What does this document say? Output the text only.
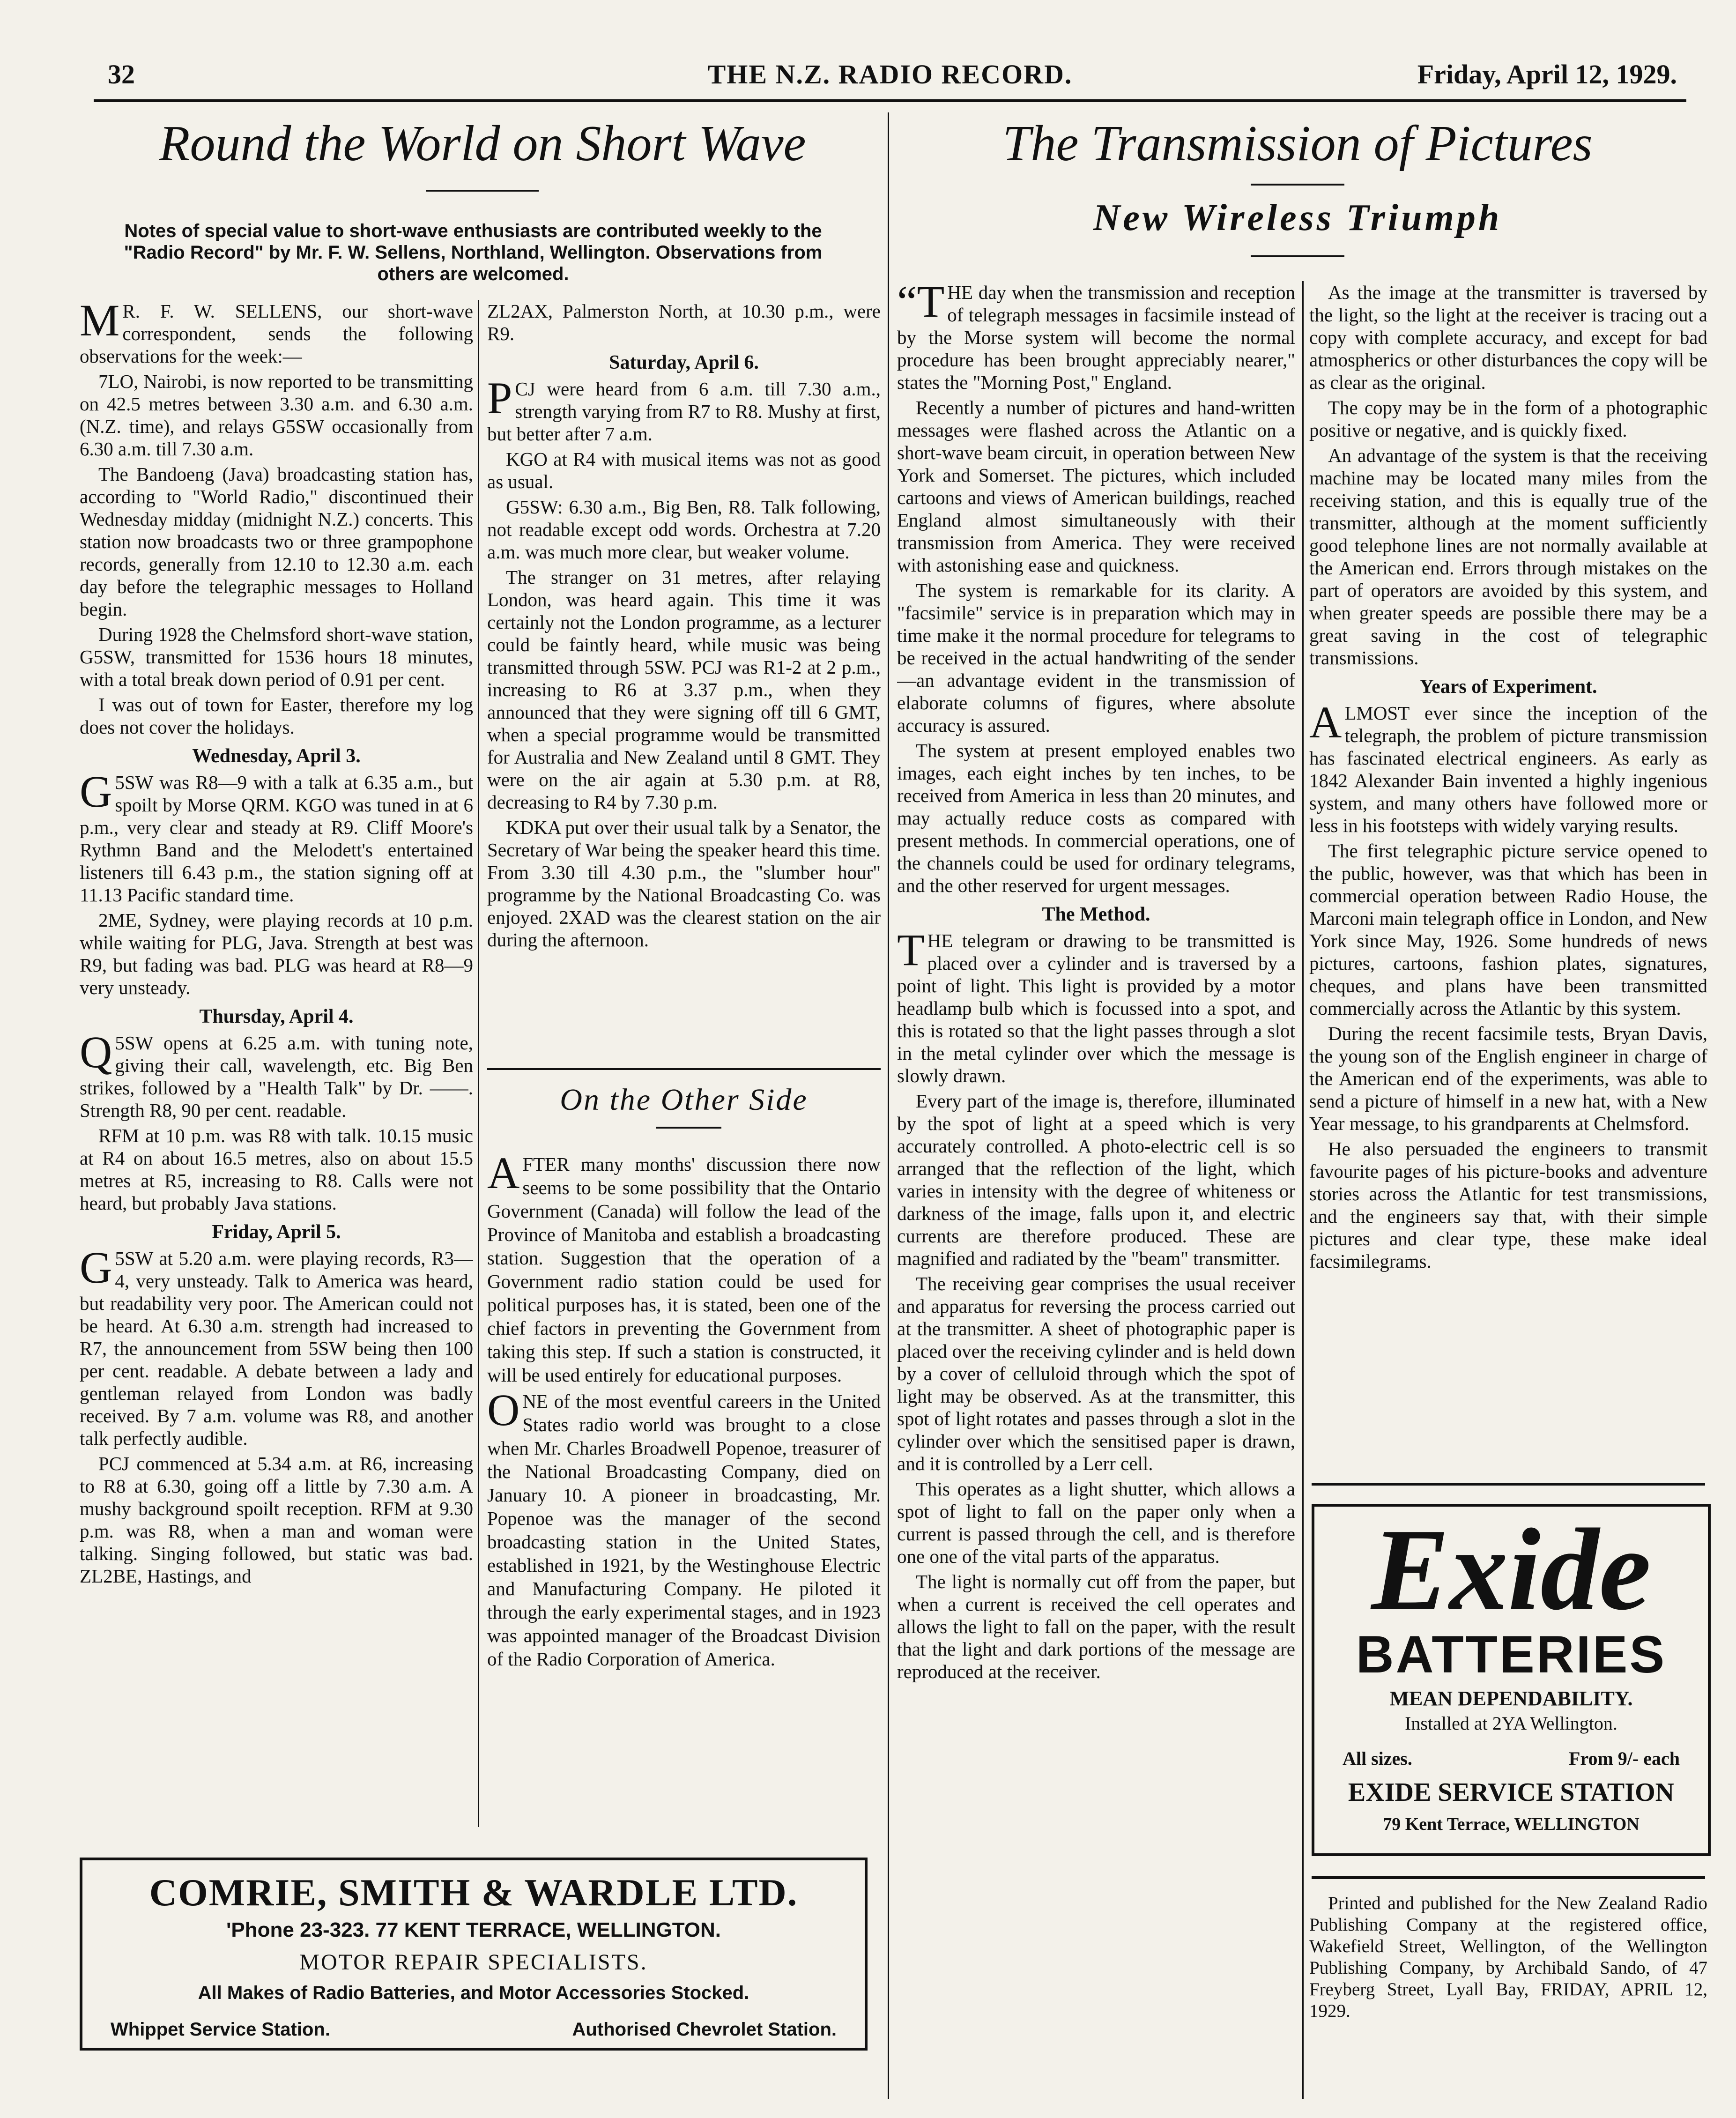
32	THE N.Z. RADIO RECORD.	Friday, April 12, 1929.
Round the World on Short Wave
Notes of special value to short-wave enthusiasts are contributed weekly to the "Radio Record" by Mr. F. W. Sellens, Northland, Wellington. Observations from others are welcomed.

M R. F. W. SELLENS, our short-wave correspondent, sends the following observations for the week:—

7LO, Nairobi, is now reported to be transmitting on 42.5 metres between 3.30 a.m. and 6.30 a.m. (N.Z. time), and relays G5SW occasionally from 6.30 a.m. till 7.30 a.m.

The Bandoeng (Java) broadcasting station has, according to "World Radio," discontinued their Wednesday midday (midnight N.Z.) concerts. This station now broadcasts two or three grampophone records, generally from 12.10 to 12.30 a.m. each day before the telegraphic messages to Holland begin.

During 1928 the Chelmsford short-wave station, G5SW, transmitted for 1536 hours 18 minutes, with a total break down period of 0.91 per cent.

I was out of town for Easter, therefore my log does not cover the holidays.

Wednesday, April 3.

G 5SW was R8—9 with a talk at 6.35 a.m., but spoilt by Morse QRM. KGO was tuned in at 6 p.m., very clear and steady at R9. Cliff Moore's Rythmn Band and the Melodett's entertained listeners till 6.43 p.m., the station signing off at 11.13 Pacific standard time.

2ME, Sydney, were playing records at 10 p.m. while waiting for PLG, Java. Strength at best was R9, but fading was bad. PLG was heard at R8—9 very unsteady.

Thursday, April 4.

Q 5SW opens at 6.25 a.m. with tuning note, giving their call, wavelength, etc. Big Ben strikes, followed by a "Health Talk" by Dr. ——. Strength R8, 90 per cent. readable.

RFM at 10 p.m. was R8 with talk. 10.15 music at R4 on about 16.5 metres, also on about 15.5 metres at R5, increasing to R8. Calls were not heard, but probably Java stations.

Friday, April 5.

G 5SW at 5.20 a.m. were playing records, R3—4, very unsteady. Talk to America was heard, but readability very poor. The American could not be heard. At 6.30 a.m. strength had increased to R7, the announcement from 5SW being then 100 per cent. readable. A debate between a lady and gentleman relayed from London was badly received. By 7 a.m. volume was R8, and another talk perfectly audible.

PCJ commenced at 5.34 a.m. at R6, increasing to R8 at 6.30, going off a little by 7.30 a.m. A mushy background spoilt reception. RFM at 9.30 p.m. was R8, when a man and woman were talking. Singing followed, but static was bad. ZL2BE, Hastings, and

ZL2AX, Palmerston North, at 10.30 p.m., were R9.

Saturday, April 6.

PCJ were heard from 6 a.m. till 7.30 a.m., strength varying from R7 to R8. Mushy at first, but better after 7 a.m.

KGO at R4 with musical items was not as good as usual.

G5SW: 6.30 a.m., Big Ben, R8. Talk following, not readable except odd words. Orchestra at 7.20 a.m. was much more clear, but weaker volume.

The stranger on 31 metres, after relaying London, was heard again. This time it was certainly not the London programme, as a lecturer could be faintly heard, while music was being transmitted through 5SW. PCJ was R1-2 at 2 p.m., increasing to R6 at 3.37 p.m., when they announced that they were signing off till 6 GMT, when a special programme would be transmitted for Australia and New Zealand until 8 GMT. They were on the air again at 5.30 p.m. at R8, decreasing to R4 by 7.30 p.m.

KDKA put over their usual talk by a Senator, the Secretary of War being the speaker heard this time. From 3.30 till 4.30 p.m., the "slumber hour" programme by the National Broadcasting Co. was enjoyed. 2XAD was the clearest station on the air during the afternoon.

On the Other Side

AFTER many months' discussion there now seems to be some possibility that the Ontario Government (Canada) will follow the lead of the Province of Manitoba and establish a broadcasting station. Suggestion that the operation of a Government radio station could be used for political purposes has, it is stated, been one of the chief factors in preventing the Government from taking this step. If such a station is constructed, it will be used entirely for educational purposes.

ONE of the most eventful careers in the United States radio world was brought to a close when Mr. Charles Broadwell Popenoe, treasurer of the National Broadcasting Company, died on January 10. A pioneer in broadcasting, Mr. Popenoe was the manager of the second broadcasting station in the United States, established in 1921, by the Westinghouse Electric and Manufacturing Company. He piloted it through the early experimental stages, and in 1923 was appointed manager of the Broadcast Division of the Radio Corporation of America.

COMRIE, SMITH & WARDLE LTD.
'Phone 23-323. 77 KENT TERRACE, WELLINGTON.
MOTOR REPAIR SPECIALISTS.
All Makes of Radio Batteries, and Motor Accessories Stocked.
Whippet Service Station.	Authorised Chevrolet Station.
The Transmission of Pictures
New Wireless Triumph

“THE day when the transmission and reception of telegraph messages in facsimile instead of by the Morse system will become the normal procedure has been brought appreciably nearer," states the "Morning Post," England.

Recently a number of pictures and hand-written messages were flashed across the Atlantic on a short-wave beam circuit, in operation between New York and Somerset. The pictures, which included cartoons and views of American buildings, reached England almost simultaneously with their transmission from America. They were received with astonishing ease and quickness.

The system is remarkable for its clarity. A "facsimile" service is in preparation which may in time make it the normal procedure for telegrams to be received in the actual handwriting of the sender—an advantage evident in the transmission of elaborate columns of figures, where absolute accuracy is assured.

The system at present employed enables two images, each eight inches by ten inches, to be received from America in less than 20 minutes, and may actually reduce costs as compared with present methods. In commercial operations, one of the channels could be used for ordinary telegrams, and the other reserved for urgent messages.

The Method.

THE telegram or drawing to be transmitted is placed over a cylinder and is traversed by a point of light. This light is provided by a motor headlamp bulb which is focussed into a spot, and this is rotated so that the light passes through a slot in the metal cylinder over which the message is slowly drawn.

Every part of the image is, therefore, illuminated by the spot of light at a speed which is very accurately controlled. A photo-electric cell is so arranged that the reflection of the light, which varies in intensity with the degree of whiteness or darkness of the image, falls upon it, and electric currents are therefore produced. These are magnified and radiated by the "beam" transmitter.

The receiving gear comprises the usual receiver and apparatus for reversing the process carried out at the transmitter. A sheet of photographic paper is placed over the receiving cylinder and is held down by a cover of celluloid through which the spot of light may be observed. As at the transmitter, this spot of light rotates and passes through a slot in the cylinder over which the sensitised paper is drawn, and it is controlled by a Lerr cell.

This operates as a light shutter, which allows a spot of light to fall on the paper only when a current is passed through the cell, and is therefore one one of the vital parts of the apparatus.

The light is normally cut off from the paper, but when a current is received the cell operates and allows the light to fall on the paper, with the result that the light and dark portions of the message are reproduced at the receiver.

As the image at the transmitter is traversed by the light, so the light at the receiver is tracing out a copy with complete accuracy, and except for bad atmospherics or other disturbances the copy will be as clear as the original.

The copy may be in the form of a photographic positive or negative, and is quickly fixed.

An advantage of the system is that the receiving machine may be located many miles from the receiving station, and this is equally true of the transmitter, although at the moment sufficiently good telephone lines are not normally available at the American end. Errors through mistakes on the part of operators are avoided by this system, and when greater speeds are possible there may be a great saving in the cost of telegraphic transmissions.

Years of Experiment.

ALMOST ever since the inception of the telegraph, the problem of picture transmission has fascinated electrical engineers. As early as 1842 Alexander Bain invented a highly ingenious system, and many others have followed more or less in his footsteps with widely varying results.

The first telegraphic picture service opened to the public, however, was that which has been in commercial operation between Radio House, the Marconi main telegraph office in London, and New York since May, 1926. Some hundreds of news pictures, cartoons, fashion plates, signatures, cheques, and plans have been transmitted commercially across the Atlantic by this system.

During the recent facsimile tests, Bryan Davis, the young son of the English engineer in charge of the American end of the experiments, was able to send a picture of himself in a new hat, with a New Year message, to his grandparents at Chelmsford.

He also persuaded the engineers to transmit favourite pages of his picture-books and adventure stories across the Atlantic for test transmissions, and the engineers say that, with their simple pictures and clear type, these make ideal facsimilegrams.

Exide
BATTERIES
MEAN DEPENDABILITY.
Installed at 2YA Wellington.
All sizes.	From 9/- each
EXIDE SERVICE STATION
79 Kent Terrace, WELLINGTON

Printed and published for the New Zealand Radio Publishing Company at the registered office, Wakefield Street, Wellington, of the Wellington Publishing Company, by Archibald Sando, of 47 Freyberg Street, Lyall Bay, FRIDAY, APRIL 12, 1929.
